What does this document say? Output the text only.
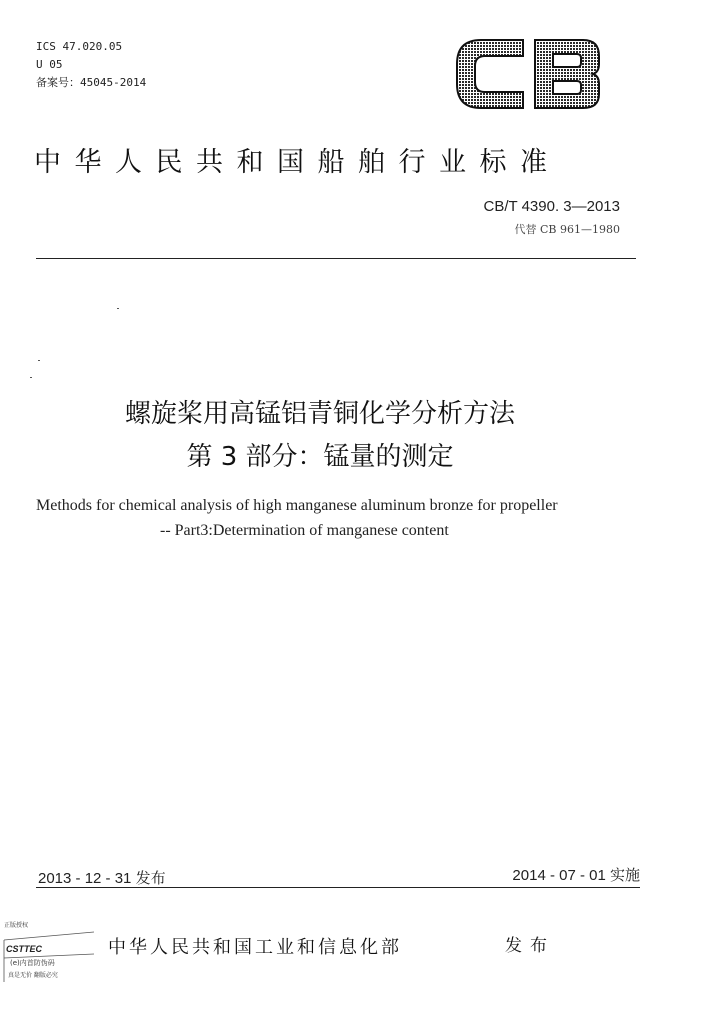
ICS 47.020.05
U 05
备案号：45045-2014
中华人民共和国船舶行业标准
CB/T 4390. 3—2013
代替 CB 961—1980
螺旋桨用高锰铝青铜化学分析方法
第 3 部分：锰量的测定
Methods for chemical analysis of high manganese aluminum bronze for propeller
-- Part3:Determination of manganese content
2013 - 12 - 31 发布	2014 - 07 - 01 实施
正版授权
CSTTEC
(e)内首防伪码
真是无价 翻版必究
中华人民共和国工业和信息化部	发布
